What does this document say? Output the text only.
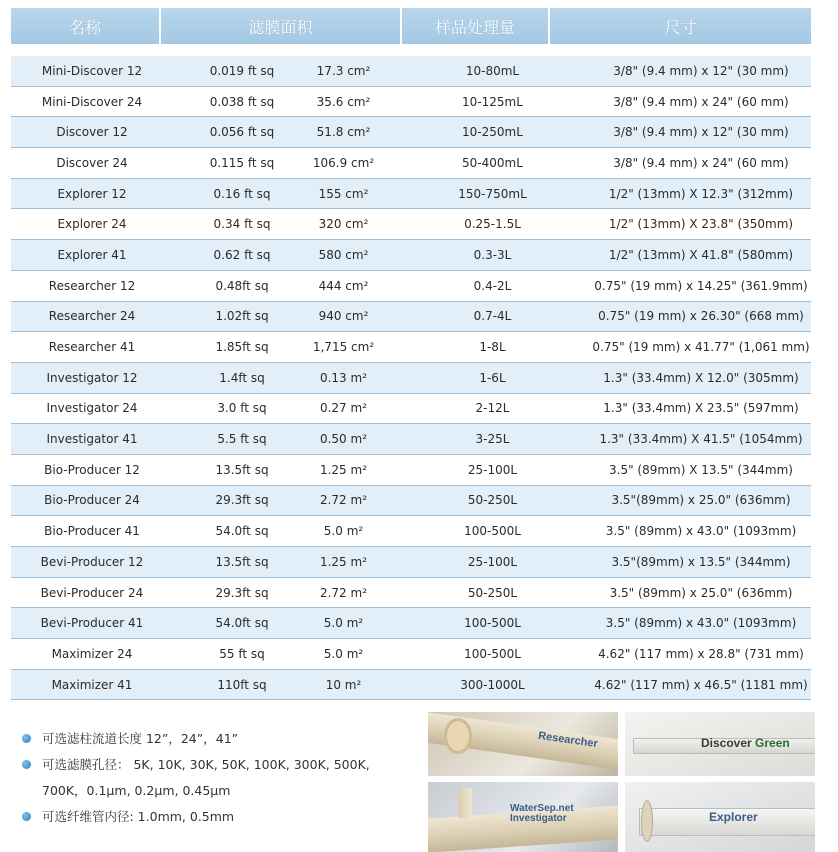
名称	滤膜面积	样品处理量	尺寸
Mini-Discover 12	0.019 ft sq	17.3 cm²	10-80mL	3/8" (9.4 mm) x 12" (30 mm)
Mini-Discover 24	0.038 ft sq	35.6 cm²	10-125mL	3/8" (9.4 mm) x 24" (60 mm)
Discover 12	0.056 ft sq	51.8 cm²	10-250mL	3/8" (9.4 mm) x 12" (30 mm)
Discover 24	0.115 ft sq	106.9 cm²	50-400mL	3/8" (9.4 mm) x 24" (60 mm)
Explorer 12	0.16 ft sq	155 cm²	150-750mL	1/2" (13mm) X 12.3" (312mm)
Explorer 24	0.34 ft sq	320 cm²	0.25-1.5L	1/2" (13mm) X 23.8" (350mm)
Explorer 41	0.62 ft sq	580 cm²	0.3-3L	1/2" (13mm) X 41.8" (580mm)
Researcher 12	0.48ft sq	444 cm²	0.4-2L	0.75" (19 mm) x 14.25" (361.9mm)
Researcher 24	1.02ft sq	940 cm²	0.7-4L	0.75" (19 mm) x 26.30" (668 mm)
Researcher 41	1.85ft sq	1,715 cm²	1-8L	0.75" (19 mm) x 41.77" (1,061 mm)
Investigator 12	1.4ft sq	0.13 m²	1-6L	1.3" (33.4mm) X 12.0" (305mm)
Investigator 24	3.0 ft sq	0.27 m²	2-12L	1.3" (33.4mm) X 23.5" (597mm)
Investigator 41	5.5 ft sq	0.50 m²	3-25L	1.3" (33.4mm) X 41.5" (1054mm)
Bio-Producer 12	13.5ft sq	1.25 m²	25-100L	3.5" (89mm) X 13.5" (344mm)
Bio-Producer 24	29.3ft sq	2.72 m²	50-250L	3.5"(89mm) x 25.0" (636mm)
Bio-Producer 41	54.0ft sq	5.0 m²	100-500L	3.5" (89mm) x 43.0" (1093mm)
Bevi-Producer 12	13.5ft sq	1.25 m²	25-100L	3.5"(89mm) x 13.5" (344mm)
Bevi-Producer 24	29.3ft sq	2.72 m²	50-250L	3.5" (89mm) x 25.0" (636mm)
Bevi-Producer 41	54.0ft sq	5.0 m²	100-500L	3.5" (89mm) x 43.0" (1093mm)
Maximizer 24	55 ft sq	5.0 m²	100-500L	4.62" (117 mm) x 28.8" (731 mm)
Maximizer 41	110ft sq	10 m²	300-1000L	4.62" (117 mm) x 46.5" (1181 mm)
可选滤柱流道长度 12”，24”，41”
可选滤膜孔径： 5K, 10K, 30K, 50K, 100K, 300K, 500K,
700K，0.1μm, 0.2μm, 0.45μm
可选纤维管内径: 1.0mm, 0.5mm
Researcher	Discover Green
WaterSep.net
Investigator	Explorer
